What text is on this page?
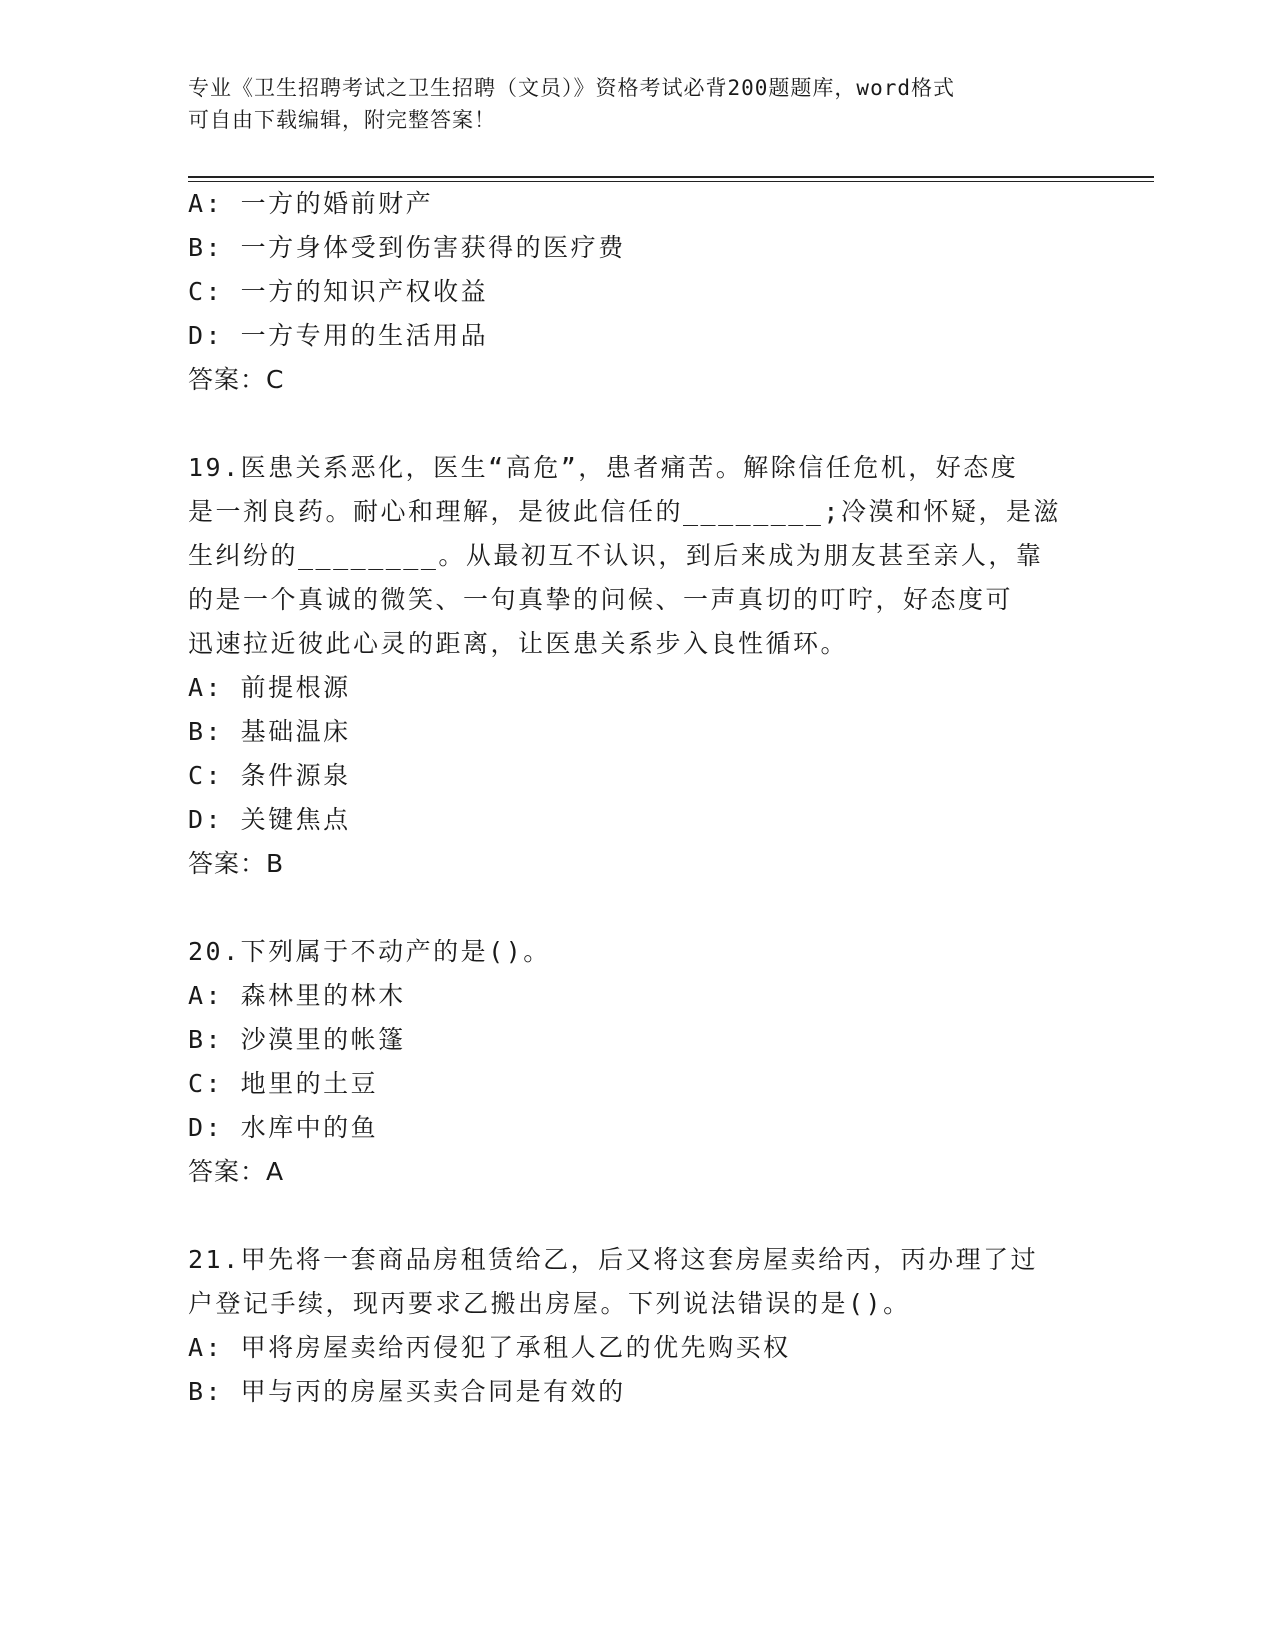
专业《卫生招聘考试之卫生招聘（文员）》资格考试必背200题题库，word格式
可自由下载编辑，附完整答案！
A: 一方的婚前财产
B: 一方身体受到伤害获得的医疗费
C: 一方的知识产权收益
D: 一方专用的生活用品
答案：C
19.医患关系恶化，医生“高危”，患者痛苦。解除信任危机，好态度
是一剂良药。耐心和理解，是彼此信任的________;冷漠和怀疑，是滋
生纠纷的________。从最初互不认识，到后来成为朋友甚至亲人，靠
的是一个真诚的微笑、一句真挚的问候、一声真切的叮咛，好态度可
迅速拉近彼此心灵的距离，让医患关系步入良性循环。
A: 前提根源
B: 基础温床
C: 条件源泉
D: 关键焦点
答案：B
20.下列属于不动产的是()。
A: 森林里的林木
B: 沙漠里的帐篷
C: 地里的土豆
D: 水库中的鱼
答案：A
21.甲先将一套商品房租赁给乙，后又将这套房屋卖给丙，丙办理了过
户登记手续，现丙要求乙搬出房屋。下列说法错误的是()。
A: 甲将房屋卖给丙侵犯了承租人乙的优先购买权
B: 甲与丙的房屋买卖合同是有效的
